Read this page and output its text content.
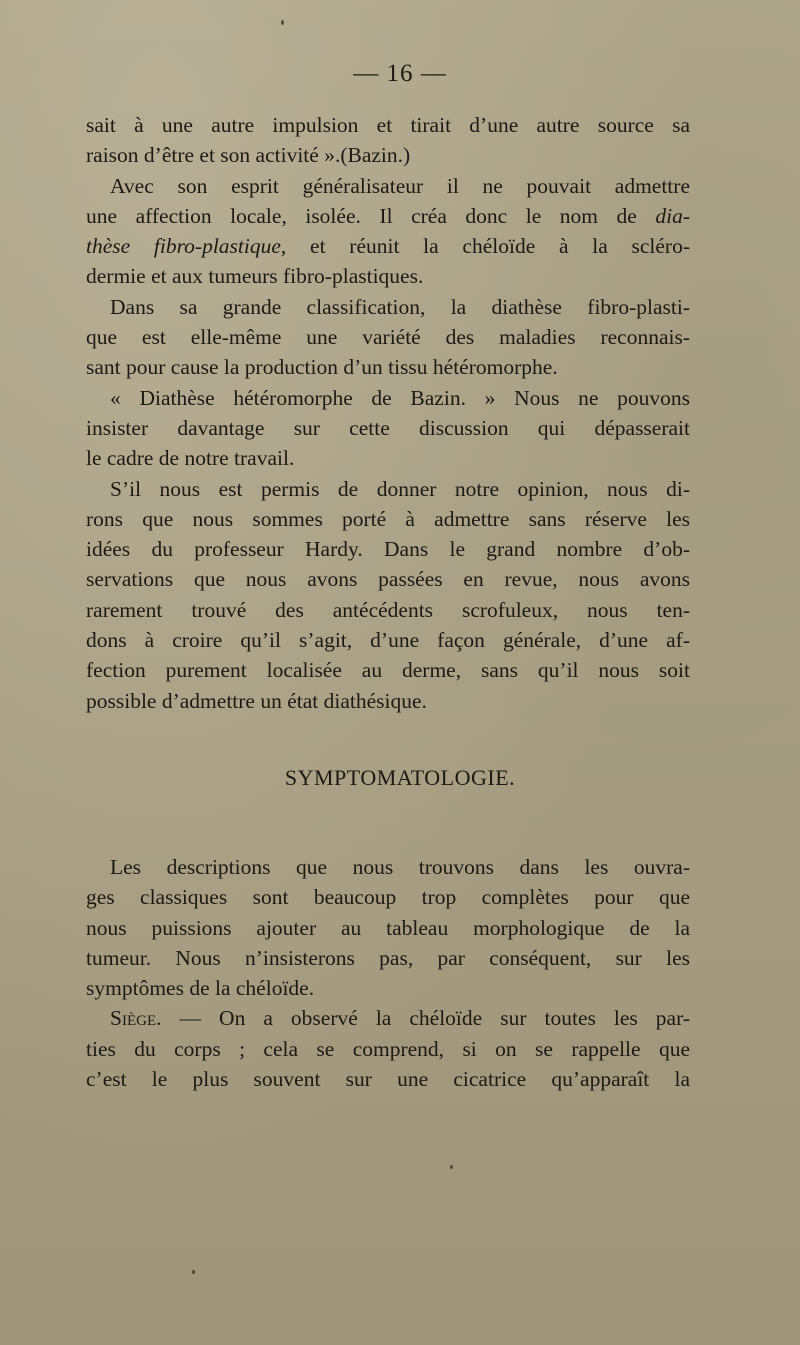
— 16 —
sait à une autre impulsion et tirait d’une autre source sa
raison d’être et son activité ».(Bazin.)
Avec son esprit généralisateur il ne pouvait admettre
une affection locale, isolée. Il créa donc le nom de dia-
thèse fibro-plastique, et réunit la chéloïde à la scléro-
dermie et aux tumeurs fibro-plastiques.
Dans sa grande classification, la diathèse fibro-plasti-
que est elle-même une variété des maladies reconnais-
sant pour cause la production d’un tissu hétéromorphe.
« Diathèse hétéromorphe de Bazin. » Nous ne pouvons
insister davantage sur cette discussion qui dépasserait
le cadre de notre travail.
S’il nous est permis de donner notre opinion, nous di-
rons que nous sommes porté à admettre sans réserve les
idées du professeur Hardy. Dans le grand nombre d’ob-
servations que nous avons passées en revue, nous avons
rarement trouvé des antécédents scrofuleux, nous ten-
dons à croire qu’il s’agit, d’une façon générale, d’une af-
fection purement localisée au derme, sans qu’il nous soit
possible d’admettre un état diathésique.
SYMPTOMATOLOGIE.
Les descriptions que nous trouvons dans les ouvra-
ges classiques sont beaucoup trop complètes pour que
nous puissions ajouter au tableau morphologique de la
tumeur. Nous n’insisterons pas, par conséquent, sur les
symptômes de la chéloïde.
Siège. — On a observé la chéloïde sur toutes les par-
ties du corps ; cela se comprend, si on se rappelle que
c’est le plus souvent sur une cicatrice qu’apparaît la
